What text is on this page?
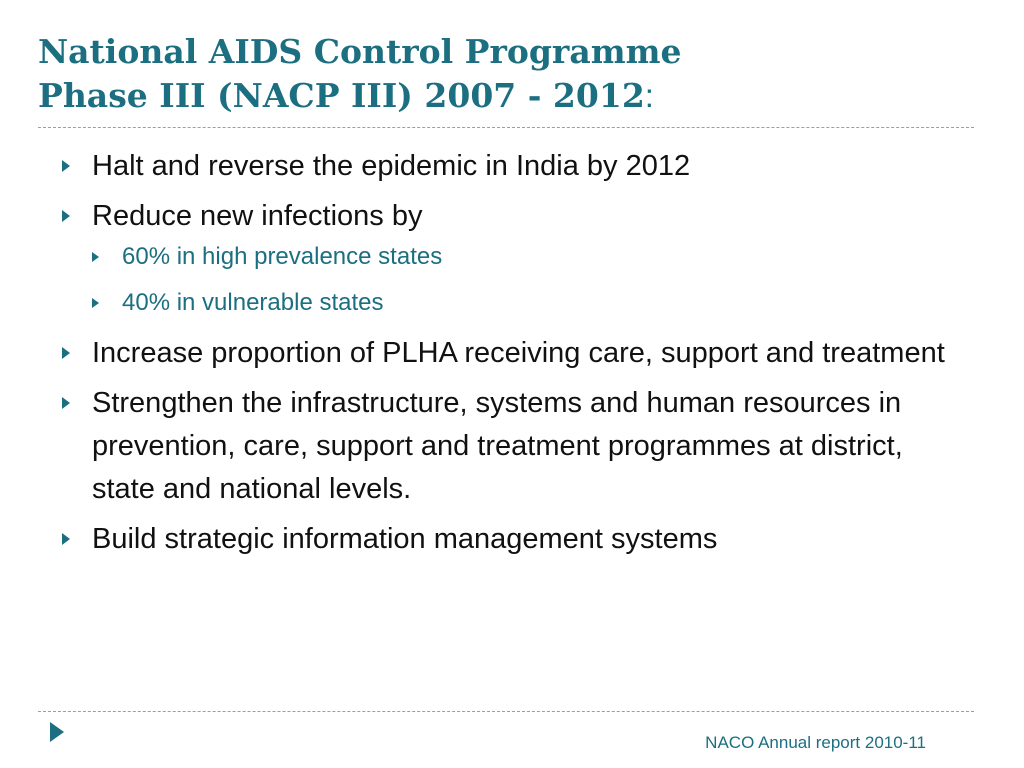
National AIDS Control Programme
Phase III (NACP III) 2007 - 2012:
Halt and reverse the epidemic in India by 2012
Reduce new infections by
60% in high prevalence states
40% in vulnerable states
Increase proportion of PLHA receiving care, support and treatment
Strengthen the infrastructure, systems and human resources in prevention, care, support and treatment programmes at district, state and national levels.
Build strategic information management systems
NACO Annual report 2010-11
